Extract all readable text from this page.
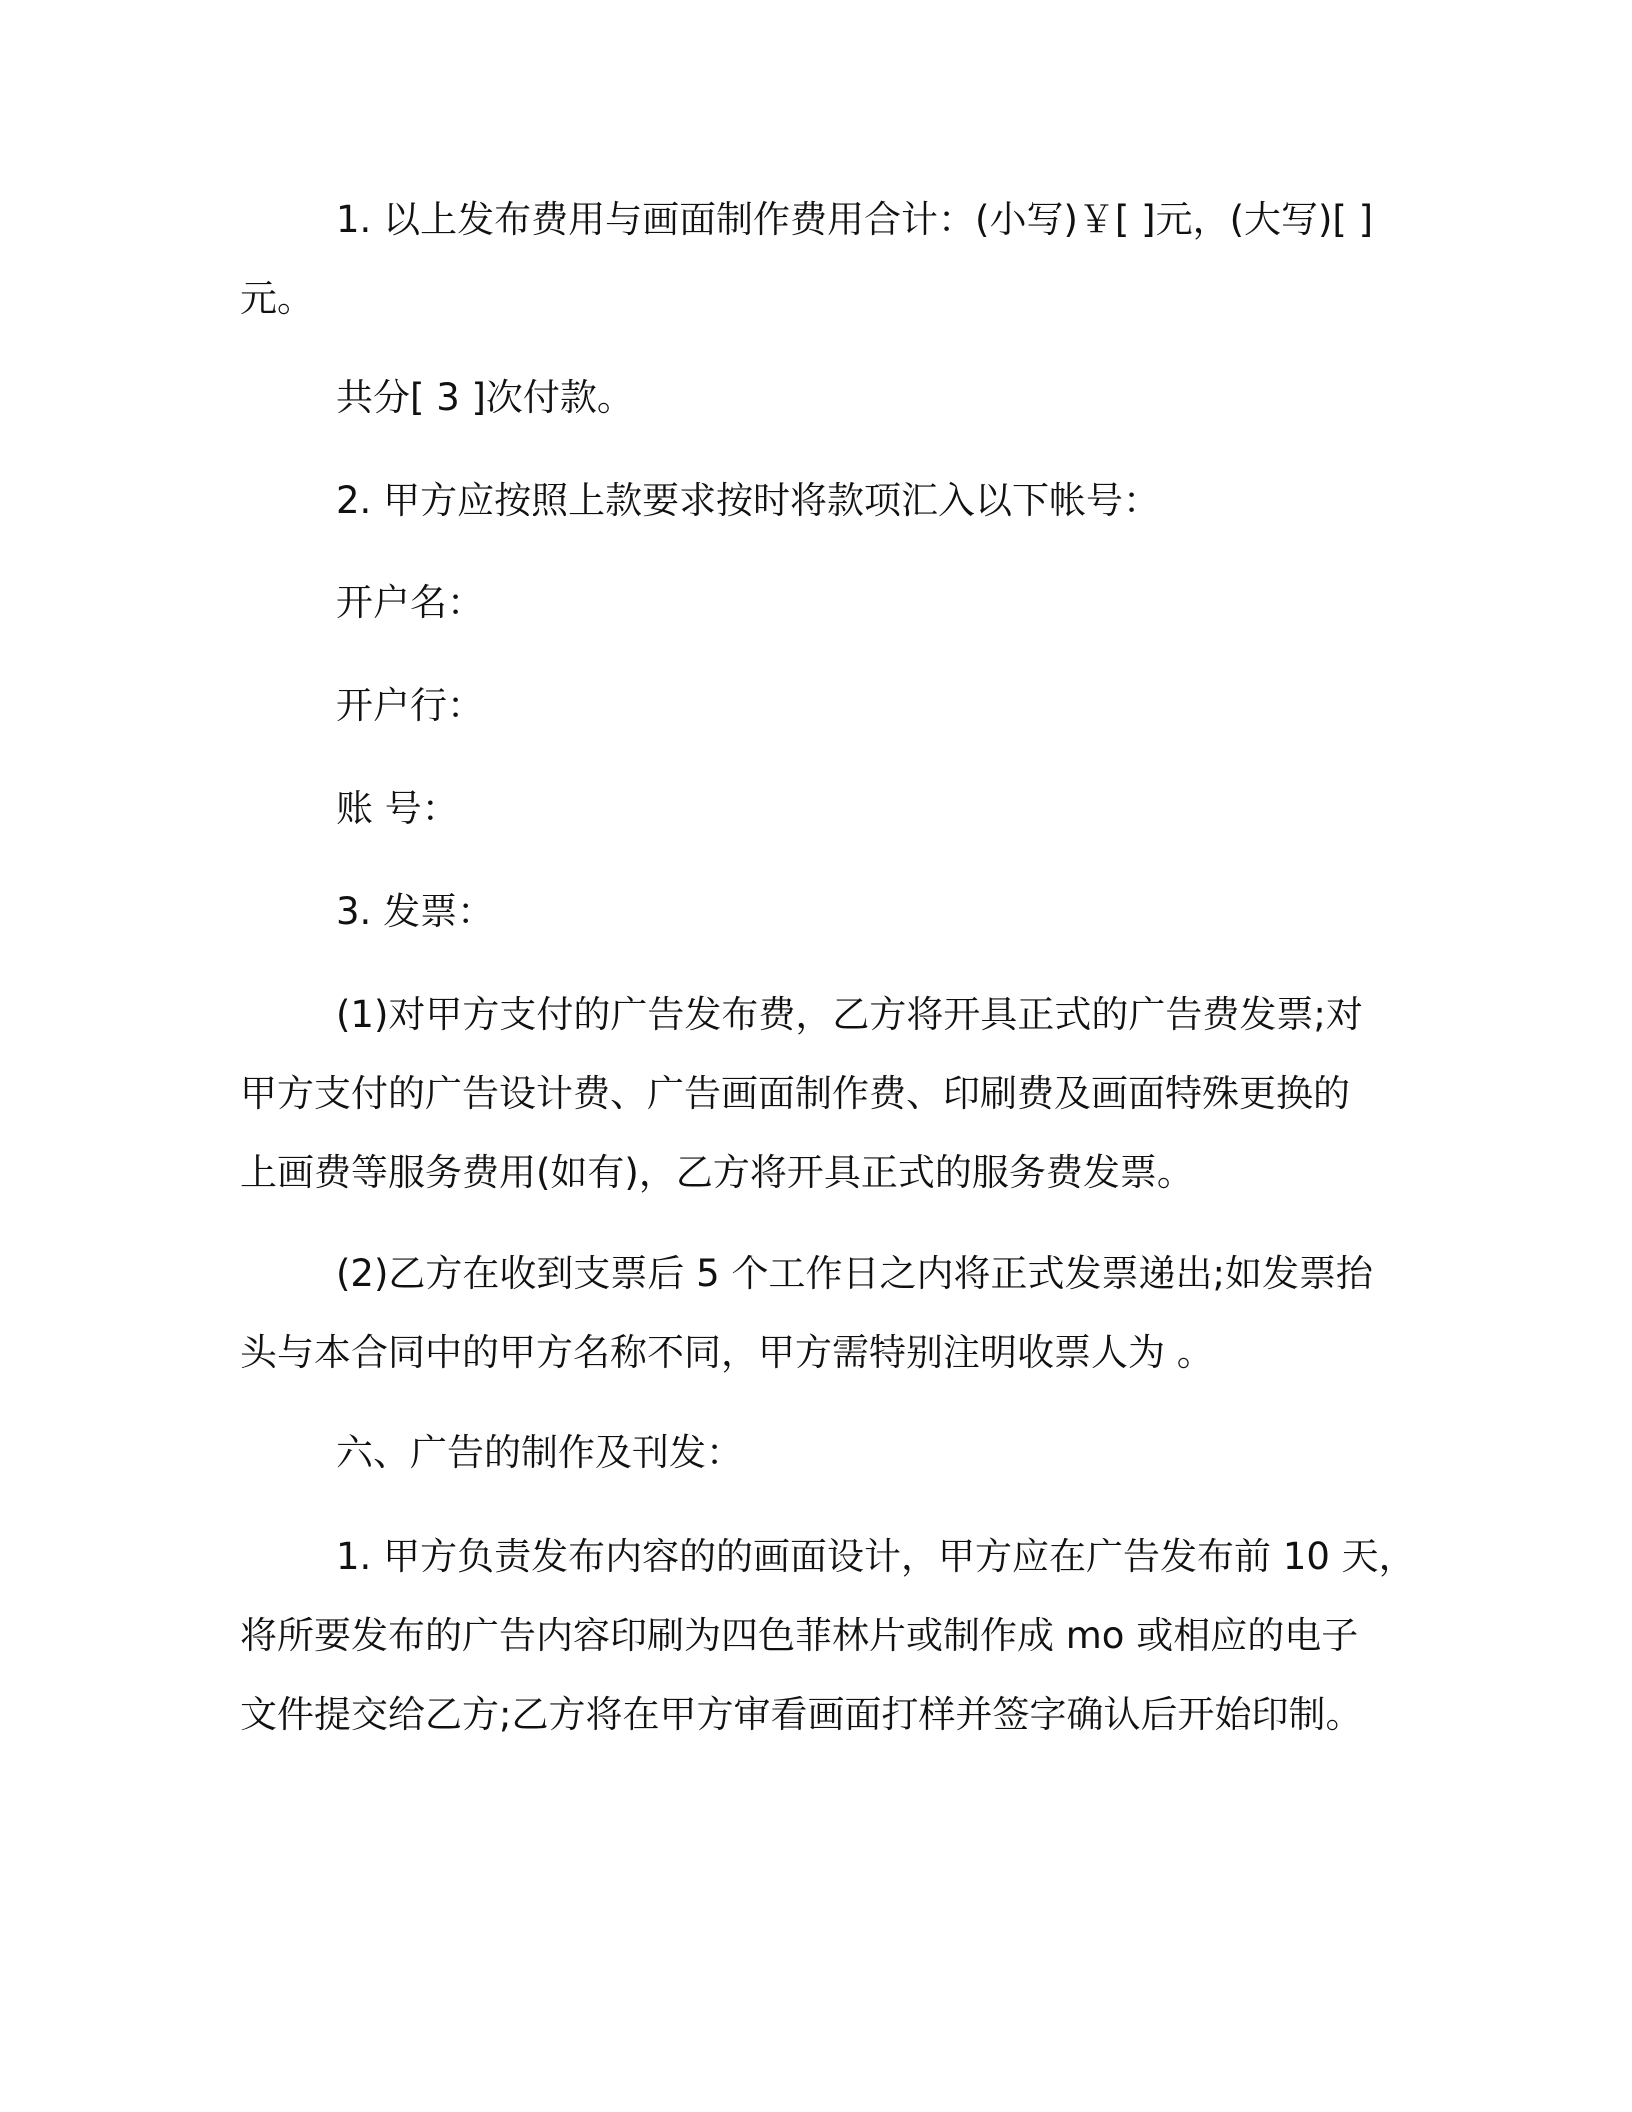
1. 以上发布费用与画面制作费用合计：(小写)￥[ ]元，(大写)[ ]
元。
共分[ 3 ]次付款。
2. 甲方应按照上款要求按时将款项汇入以下帐号：
开户名：
开户行：
账 号：
3. 发票：
(1)对甲方支付的广告发布费，乙方将开具正式的广告费发票;对
甲方支付的广告设计费、广告画面制作费、印刷费及画面特殊更换的
上画费等服务费用(如有)，乙方将开具正式的服务费发票。
(2)乙方在收到支票后 5 个工作日之内将正式发票递出;如发票抬
头与本合同中的甲方名称不同，甲方需特别注明收票人为 。
六、广告的制作及刊发：
1. 甲方负责发布内容的的画面设计，甲方应在广告发布前 10 天，
将所要发布的广告内容印刷为四色菲林片或制作成 mo 或相应的电子
文件提交给乙方;乙方将在甲方审看画面打样并签字确认后开始印制。
